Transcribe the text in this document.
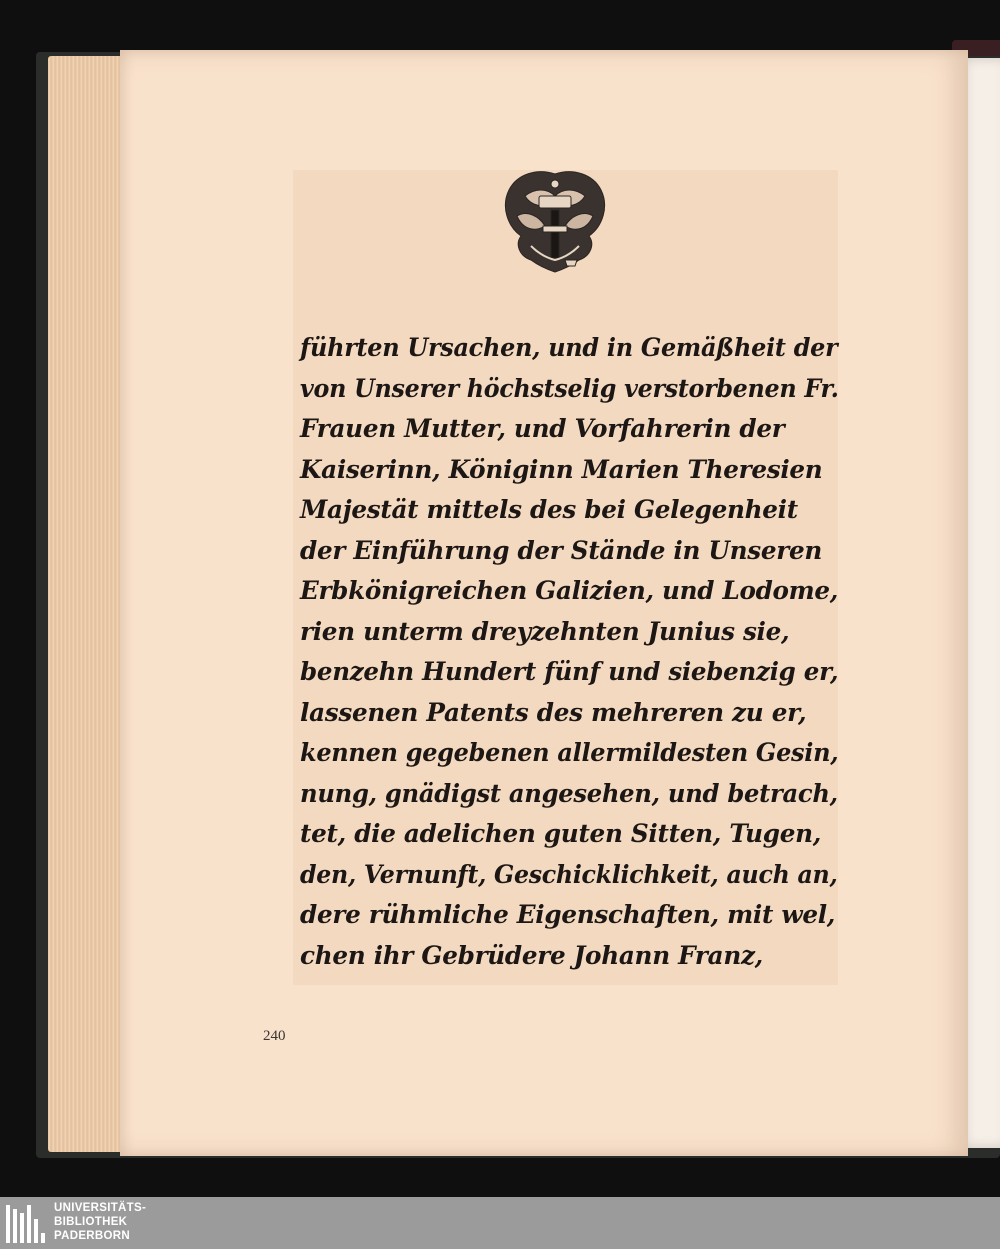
führten Ursachen, und in Gemäßheit der
von Unserer höchstselig verstorbenen Fr.
Frauen Mutter, und Vorfahrerin der
Kaiserinn, Königinn Marien Theresien
Majestät mittels des bei Gelegenheit
der Einführung der Stände in Unseren
Erbkönigreichen Galizien, und Lodome,
rien unterm dreyzehnten Junius sie,
benzehn Hundert fünf und siebenzig er,
lassenen Patents des mehreren zu er,
kennen gegebenen allermildesten Gesin,
nung, gnädigst angesehen, und betrach,
tet, die adelichen guten Sitten, Tugen,
den, Vernunft, Geschicklichkeit, auch an,
dere rühmliche Eigenschaften, mit wel,
chen ihr Gebrüdere Johann Franz,
240
UNIVERSITÄTS-
BIBLIOTHEK
PADERBORN
